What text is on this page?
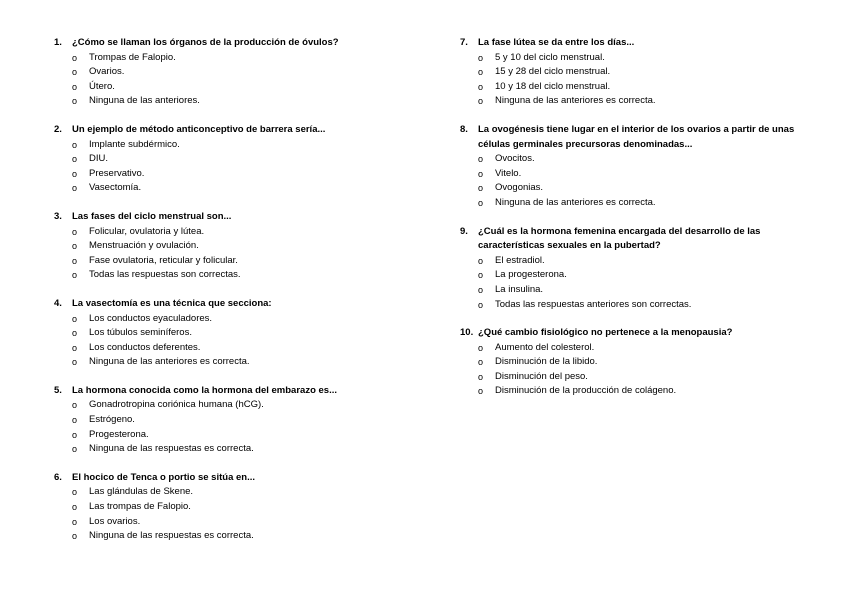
1.	¿Cómo se llaman los órganos de la producción de óvulos?
o	Trompas de Falopio.
o	Ovarios.
o	Útero.
o	Ninguna de las anteriores.
2.	Un ejemplo de método anticonceptivo de barrera sería...
o	Implante subdérmico.
o	DIU.
o	Preservativo.
o	Vasectomía.
3.	Las fases del ciclo menstrual son...
o	Folicular, ovulatoria y lútea.
o	Menstruación y ovulación.
o	Fase ovulatoria, reticular y folicular.
o	Todas las respuestas son correctas.
4.	La vasectomía es una técnica que secciona:
o	Los conductos eyaculadores.
o	Los túbulos seminíferos.
o	Los conductos deferentes.
o	Ninguna de las anteriores es correcta.
5.	La hormona conocida como la hormona del embarazo es...
o	Gonadrotropina coriónica humana (hCG).
o	Estrógeno.
o	Progesterona.
o	Ninguna de las respuestas es correcta.
6.	El hocico de Tenca o portio se sitúa en...
o	Las glándulas de Skene.
o	Las trompas de Falopio.
o	Los ovarios.
o	Ninguna de las respuestas es correcta.
7.	La fase lútea se da entre los días...
o	5 y 10 del ciclo menstrual.
o	15 y 28 del ciclo menstrual.
o	10 y 18 del ciclo menstrual.
o	Ninguna de las anteriores es correcta.
8.	La ovogénesis tiene lugar en el interior de los ovarios a partir de unas células germinales precursoras denominadas...
o	Ovocitos.
o	Vitelo.
o	Ovogonias.
o	Ninguna de las anteriores es correcta.
9.	¿Cuál es la hormona femenina encargada del desarrollo de las características sexuales en la pubertad?
o	El estradiol.
o	La progesterona.
o	La insulina.
o	Todas las respuestas anteriores son correctas.
10. ¿Qué cambio fisiológico no pertenece a la menopausia?
o	Aumento del colesterol.
o	Disminución de la libido.
o	Disminución del peso.
o	Disminución de la producción de colágeno.
